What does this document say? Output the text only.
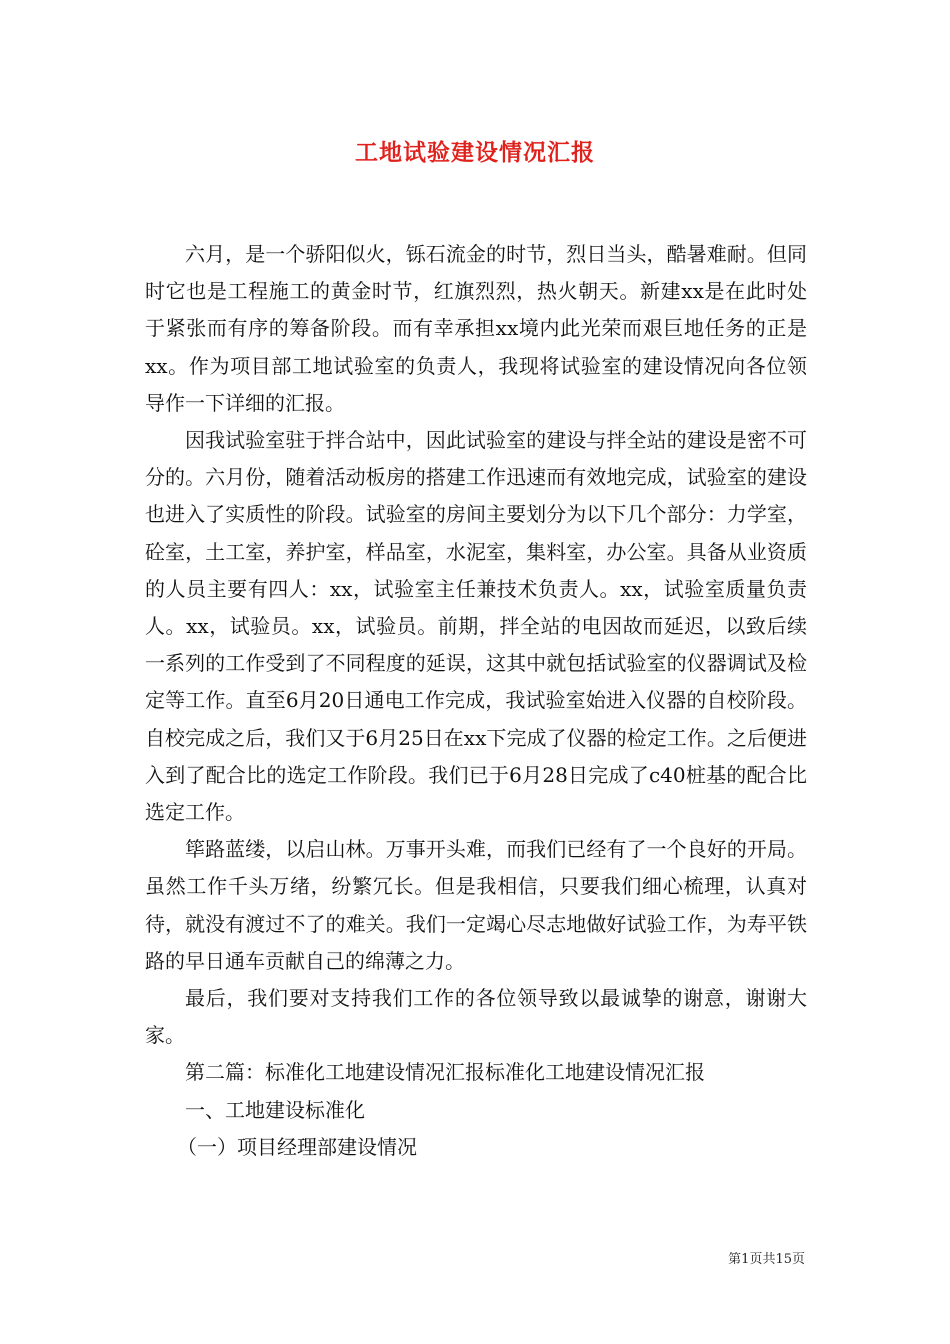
工地试验建设情况汇报

六月，是一个骄阳似火，铄石流金的时节，烈日当头，酷暑难耐。但同时它也是工程施工的黄金时节，红旗烈烈，热火朝天。新建xx是在此时处于紧张而有序的筹备阶段。而有幸承担xx境内此光荣而艰巨地任务的正是xx。作为项目部工地试验室的负责人，我现将试验室的建设情况向各位领导作一下详细的汇报。

因我试验室驻于拌合站中，因此试验室的建设与拌全站的建设是密不可分的。六月份，随着活动板房的搭建工作迅速而有效地完成，试验室的建设也进入了实质性的阶段。试验室的房间主要划分为以下几个部分：力学室，砼室，土工室，养护室，样品室，水泥室，集料室，办公室。具备从业资质的人员主要有四人：xx，试验室主任兼技术负责人。xx，试验室质量负责人。xx，试验员。xx，试验员。前期，拌全站的电因故而延迟，以致后续一系列的工作受到了不同程度的延误，这其中就包括试验室的仪器调试及检定等工作。直至6月20日通电工作完成，我试验室始进入仪器的自校阶段。自校完成之后，我们又于6月25日在xx下完成了仪器的检定工作。之后便进入到了配合比的选定工作阶段。我们已于6月28日完成了c40桩基的配合比选定工作。

筚路蓝缕，以启山林。万事开头难，而我们已经有了一个良好的开局。虽然工作千头万绪，纷繁冗长。但是我相信，只要我们细心梳理，认真对待，就没有渡过不了的难关。我们一定竭心尽志地做好试验工作，为寿平铁路的早日通车贡献自己的绵薄之力。

最后，我们要对支持我们工作的各位领导致以最诚挚的谢意，谢谢大家。

第二篇：标准化工地建设情况汇报标准化工地建设情况汇报

一、工地建设标准化

（一）项目经理部建设情况

第1页共15页
